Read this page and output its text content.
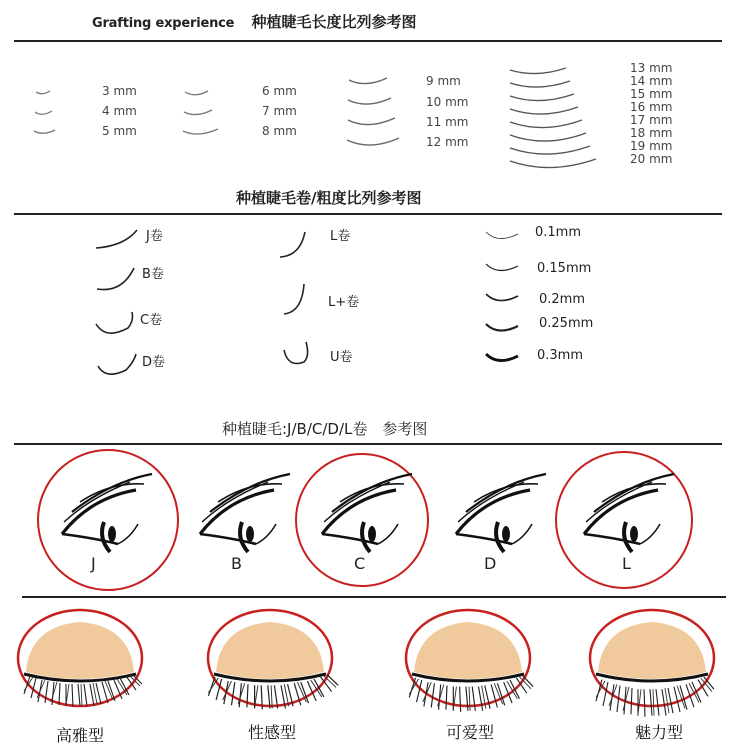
Grafting experience 种植睫毛长度比列参考图
3 mm
4 mm
5 mm
6 mm
7 mm
8 mm
9 mm
10 mm
11 mm
12 mm
13 mm
14 mm
15 mm
16 mm
17 mm
18 mm
19 mm
20 mm
种植睫毛卷/粗度比列参考图
J卷
B卷
C卷
D卷
L卷
L+卷
U卷
0.1mm
0.15mm
0.2mm
0.25mm
0.3mm
种植睫毛:J/B/C/D/L卷　参考图
J	B	C	D	L
高雅型	性感型	可爱型	魅力型
